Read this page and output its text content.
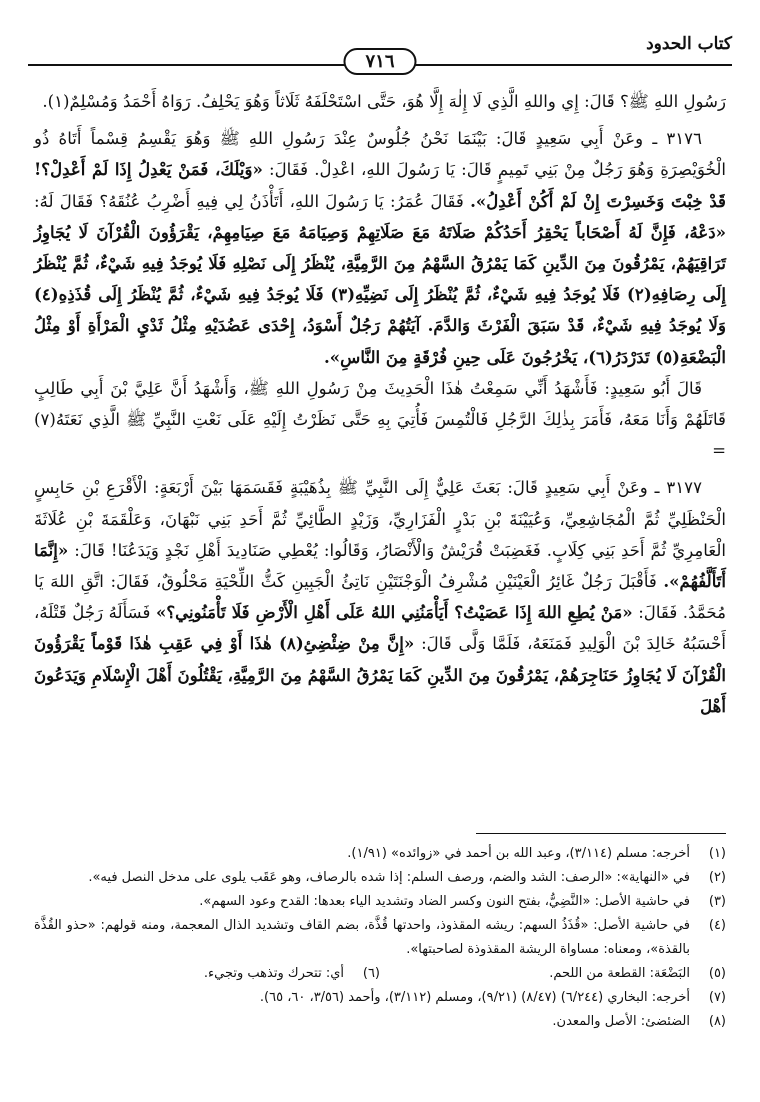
كتاب الحدود
٧١٦

رَسُولِ اللهِ ﷺ؟ قَالَ: إِي واللهِ الَّذِي لَا إِلٰهَ إِلَّا هُوَ، حَتَّى اسْتَحْلَفَهُ ثَلَاثاً وَهُوَ يَحْلِفُ. رَوَاهُ أَحْمَدُ وَمُسْلِمٌ(١).

٣١٧٦ ـ وعَنْ أَبِي سَعِيدٍ قَالَ: بَيْنَمَا نَحْنُ جُلُوسٌ عِنْدَ رَسُولِ اللهِ ﷺ وَهُوَ يَقْسِمُ قِسْماً أَتَاهُ ذُو الْخُوَيْصِرَةِ وَهُوَ رَجُلٌ مِنْ بَنِي تَمِيمٍ قَالَ: يَا رَسُولَ اللهِ، اعْدِلْ. فَقَالَ: «وَيْلَكَ، فَمَنْ يَعْدِلُ إِذَا لَمْ أَعْدِلْ؟! قَدْ خِبْتَ وَخَسِرْتَ إِنْ لَمْ أَكُنْ أَعْدِلُ». فَقَالَ عُمَرُ: يَا رَسُولَ اللهِ، أَتَأْذَنُ لِي فِيهِ أَضْرِبُ عُنُقَهُ؟ فَقَالَ لَهُ: «دَعْهُ، فَإِنَّ لَهُ أَصْحَاباً يَحْقِرُ أَحَدُكُمْ صَلَاتَهُ مَعَ صَلَاتِهِمْ وَصِيَامَهُ مَعَ صِيَامِهِمْ، يَقْرَؤُونَ الْقُرْآنَ لَا يُجَاوِزُ تَرَاقِيَهُمْ، يَمْرُقُونَ مِنَ الدِّينِ كَمَا يَمْرُقُ السَّهْمُ مِنَ الرَّمِيَّةِ، يُنْظَرُ إِلَى نَصْلِهِ فَلَا يُوجَدُ فِيهِ شَيْءٌ، ثُمَّ يُنْظَرُ إِلَى رِصَافِهِ(٢) فَلَا يُوجَدُ فِيهِ شَيْءٌ، ثُمَّ يُنْظَرُ إِلَى نَضِيِّهِ(٣) فَلَا يُوجَدُ فِيهِ شَيْءٌ، ثُمَّ يُنْظَرُ إِلَى قُذَذِهِ(٤) وَلَا يُوجَدُ فِيهِ شَيْءٌ، قَدْ سَبَقَ الْفَرْثَ وَالدَّمَ. آيَتُهُمْ رَجُلٌ أَسْوَدُ، إِحْدَى عَضُدَيْهِ مِثْلُ ثَدْيِ الْمَرْأَةِ أَوْ مِثْلُ الْبَضْعَةِ(٥) تَدَرْدَرُ(٦)، يَخْرُجُونَ عَلَى حِينِ فُرْقَةٍ مِنَ النَّاسِ».

قَالَ أَبُو سَعِيدٍ: فَأَشْهَدُ أَنِّي سَمِعْتُ هٰذَا الْحَدِيثَ مِنْ رَسُولِ اللهِ ﷺ، وَأَشْهَدُ أَنَّ عَلِيَّ بْنَ أَبِي طَالِبٍ قَاتَلَهُمْ وَأَنَا مَعَهُ، فَأَمَرَ بِذٰلِكَ الرَّجُلِ فَالْتُمِسَ فَأُتِيَ بِهِ حَتَّى نَظَرْتُ إِلَيْهِ عَلَى نَعْتِ النَّبِيِّ ﷺ الَّذِي نَعَتَهُ(٧) =

٣١٧٧ ـ وعَنْ أَبِي سَعِيدٍ قَالَ: بَعَثَ عَلِيٌّ إِلَى النَّبِيِّ ﷺ بِذُهَيْبَةٍ فَقَسَمَهَا بَيْنَ أَرْبَعَةٍ: الْأَقْرَعِ بْنِ حَابِسٍ الْحَنْظَلِيِّ ثُمَّ الْمُجَاشِعِيِّ، وَعُيَيْنَةَ بْنِ بَدْرٍ الْفَزَارِيِّ، وَزَيْدٍ الطَّائِيِّ ثُمَّ أَحَدِ بَنِي نَبْهَانَ، وَعَلْقَمَةَ بْنِ عُلَاثَةَ الْعَامِرِيِّ ثُمَّ أَحَدِ بَنِي كِلَابٍ. فَغَضِبَتْ قُرَيْشٌ وَالْأَنْصَارُ، وَقَالُوا: يُعْطِي صَنَادِيدَ أَهْلِ نَجْدٍ وَيَدَعُنَا! قَالَ: «إِنَّمَا أَتَأَلَّفُهُمْ». فَأَقْبَلَ رَجُلٌ غَائِرُ الْعَيْنَيْنِ مُشْرِفُ الْوَجْنَتَيْنِ نَاتِئُ الْجَبِينِ كَثُّ اللِّحْيَةِ مَحْلُوقٌ، فَقَالَ: اتَّقِ اللهَ يَا مُحَمَّدُ. فَقَالَ: «مَنْ يُطِعِ اللهَ إِذَا عَصَيْتُ؟ أَيَأْمَنُنِي اللهُ عَلَى أَهْلِ الْأَرْضِ فَلَا تَأْمَنُونِي؟» فَسَأَلَهُ رَجُلٌ قَتْلَهُ، أَحْسَبُهُ خَالِدَ بْنَ الْوَلِيدِ فَمَنَعَهُ، فَلَمَّا وَلَّى قَالَ: «إِنَّ مِنْ ضِئْضِئِ(٨) هٰذَا أَوْ فِي عَقِبِ هٰذَا قَوْماً يَقْرَؤُونَ الْقُرْآنَ لَا يُجَاوِزُ حَنَاجِرَهُمْ، يَمْرُقُونَ مِنَ الدِّينِ كَمَا يَمْرُقُ السَّهْمُ مِنَ الرَّمِيَّةِ، يَقْتُلُونَ أَهْلَ الْإِسْلَامِ وَيَدَعُونَ أَهْلَ

(١)
أخرجه: مسلم (٣/١١٤)، وعبد الله بن أحمد في «زوائده» (١/٩١).
(٢)
في «النهاية»: «الرصف: الشد والضم، ورصف السلم: إذا شده بالرصاف، وهو عَقَب يلوى على مدخل النصل فيه».
(٣)
في حاشية الأصل: «النَّضِيُّ، بفتح النون وكسر الضاد وتشديد الياء بعدها: القدح وعود السهم».
(٤)
في حاشية الأصل: «قُذَذُ السهم: ريشه المقذوذ، واحدتها قُذَّة، بضم القاف وتشديد الذال المعجمة، ومنه قولهم: «حذو القُذَّة بالقذة»، ومعناه: مساواة الريشة المقذوذة لصاحبتها».
(٥)
البَضْعَة: القطعة من اللحم.
(٦)
أي: تتحرك وتذهب وتجيء.
(٧)
أخرجه: البخاري (٦/٢٤٤) (٨/٤٧) (٩/٢١)، ومسلم (٣/١١٢)، وأحمد (٣/٥٦، ٦٠، ٦٥).
(٨)
الضئضئ: الأصل والمعدن.
